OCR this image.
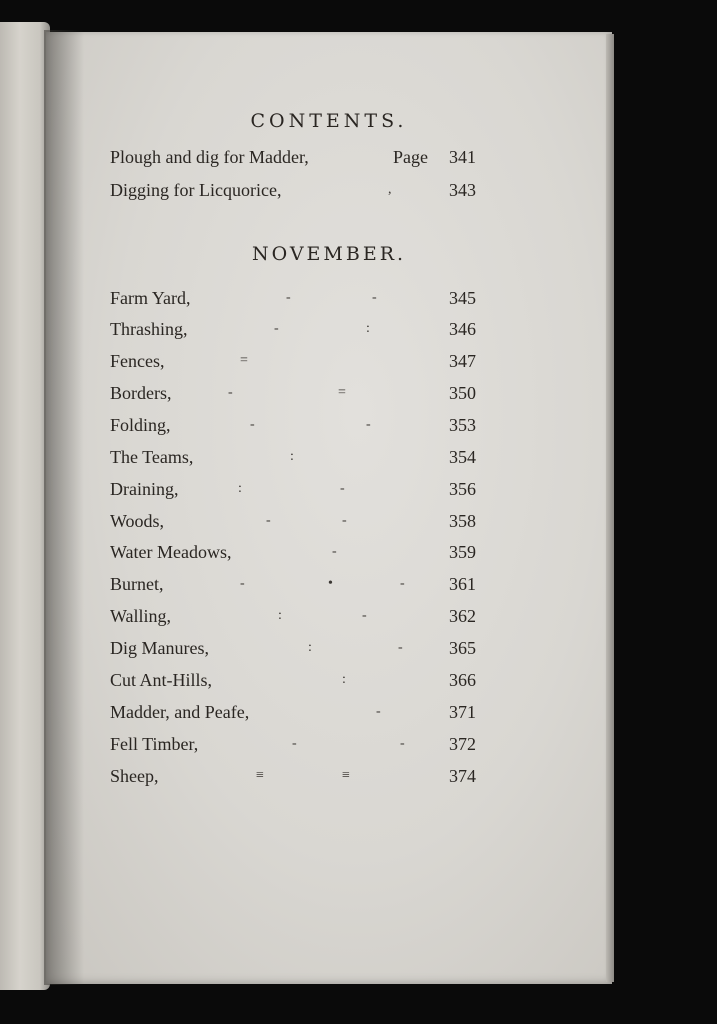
CONTENTS.
Plough and dig for Madder,	Page 341
Digging for Licquorice,	,	343
NOVEMBER.
Farm Yard,	-	-	345
Thrashing,	-	:	346
Fences,	=	347
Borders,	-	=	350
Folding,	-	-	353
The Teams,	:	354
Draining,	:	-	356
Woods,	-	-	358
Water Meadows,	-	359
Burnet,	-	•	- 361
Walling,	:	-	362
Dig Manures,	:	-	365
Cut Ant-Hills,	:	366
Madder, and Peafe,	-	371
Fell Timber,	-	- 372
Sheep,	≡	≡	374
